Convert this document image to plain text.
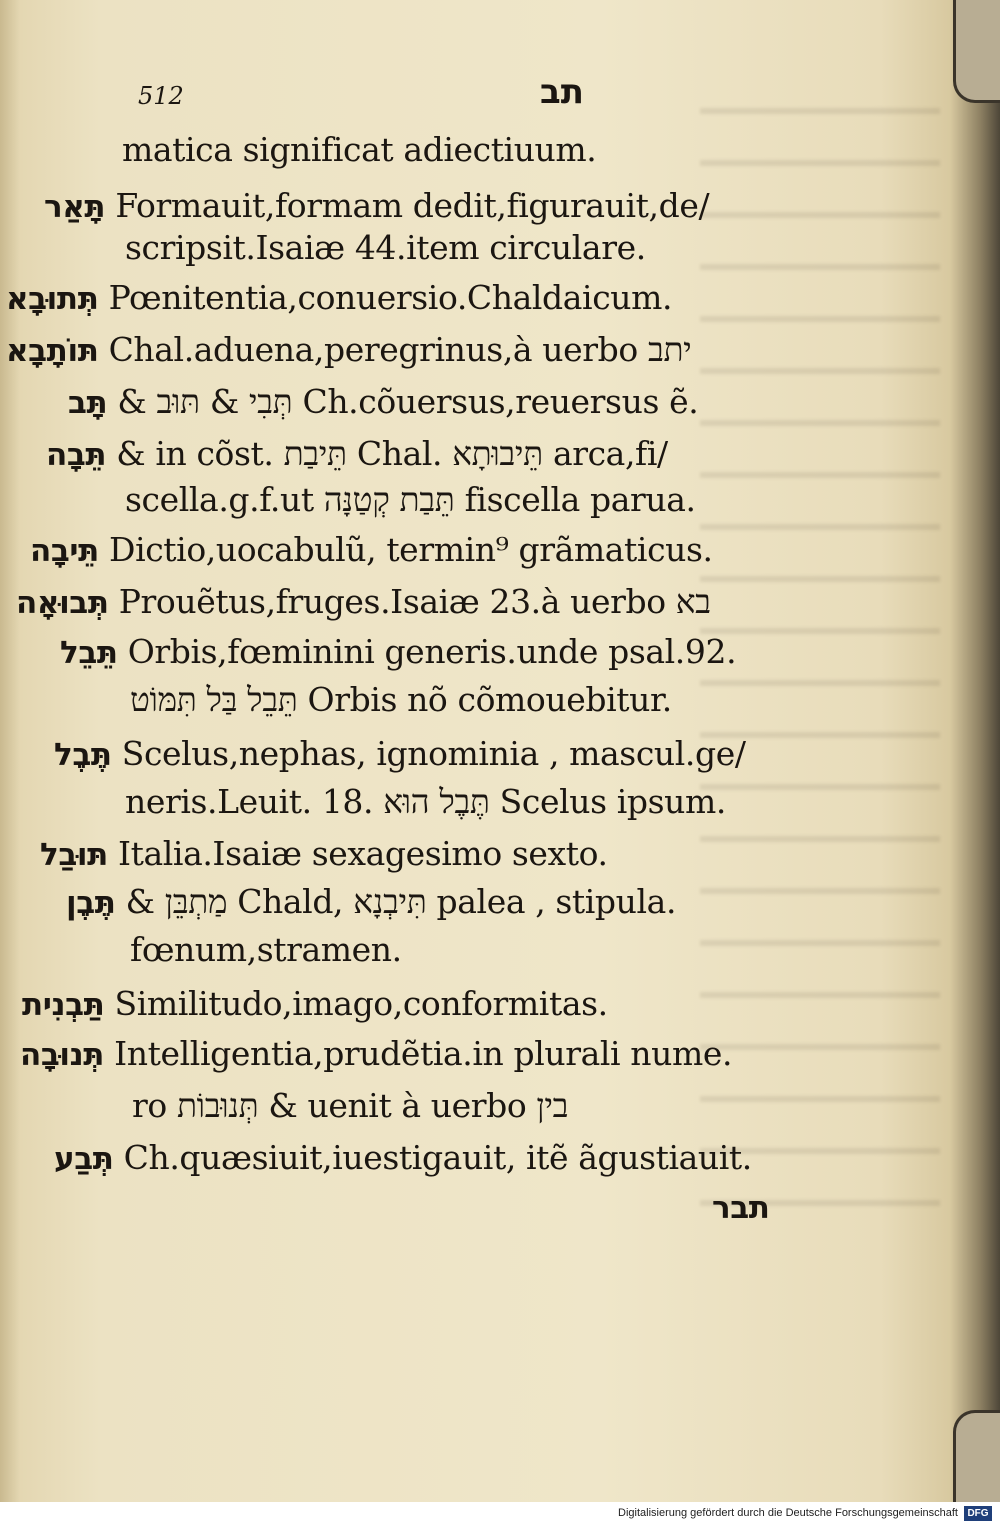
512	תב
matica significat adiectiuum.
תָּאַר Formauit,formam dedit,figurauit,de/
scripsit.Isaiæ 44.item circulare.
תְּתוּבָא Pœnitentia,conuersio.Chaldaicum.
תּוֹתָבָא Chal.aduena,peregrinus,à uerbo יתב
תָּב & תְּבִי & תּוּב Ch.cõuersus,reuersus ẽ.
תֵּבָה & in cõst. תֵּיבַת Chal. תֵּיבוּתָא arca,fi/
scella.g.f.ut תֵּבַת קְטַנָּה fiscella parua.
תֵּיבָה Dictio,uocabulũ, termin⁹ grãmaticus.
תְּבוּאָה Prouẽtus,fruges.Isaiæ 23.à uerbo בא
תֵּבֵל Orbis,fœminini generis.unde psal.92.
תֵּבֵל בַּל תִּמּוֹט Orbis nõ cõmouebitur.
תֶּבֶל Scelus,nephas, ignominia , mascul.ge/
neris.Leuit. 18. תֶּבֶל הוּא Scelus ipsum.
תּוּבַל Italia.Isaiæ sexagesimo sexto.
תֶּבֶן & מַתְבֵּן Chald, תִּיבְנָא palea , stipula.
fœnum,stramen.
תַּבְנִית Similitudo,imago,conformitas.
תְּנוּבָה Intelligentia,prudẽtia.in plurali nume.
ro תְּנוּבוֹת & uenit à uerbo בין
תְּבַע Ch.quæsiuit,iuestigauit, itẽ ãgustiauit.
תבר
Digitalisierung gefördert durch die Deutsche Forschungsgemeinschaft DFG
